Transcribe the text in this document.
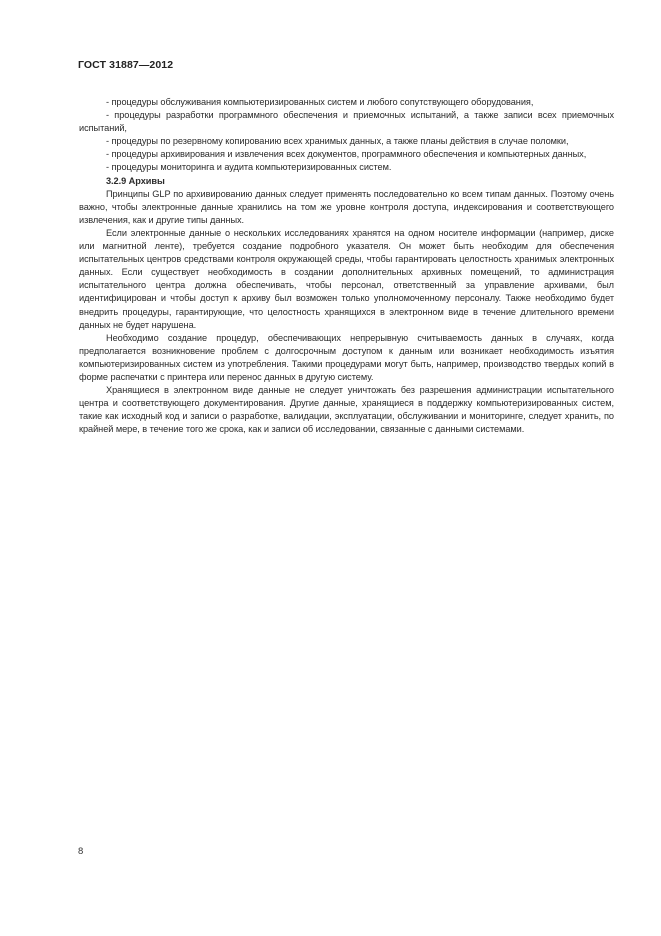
ГОСТ 31887—2012

- процедуры обслуживания компьютеризированных систем и любого сопутствующего оборудования,

- процедуры разработки программного обеспечения и приемочных испытаний, а также записи всех приемочных испытаний,

- процедуры по резервному копированию всех хранимых данных, а также планы действия в случае поломки,

- процедуры архивирования и извлечения всех документов, программного обеспечения и компьютерных данных,

- процедуры мониторинга и аудита компьютеризированных систем.

3.2.9 Архивы

Принципы GLP по архивированию данных следует применять последовательно ко всем типам данных. Поэтому очень важно, чтобы электронные данные хранились на том же уровне контроля доступа, индексирования и соответствующего извлечения, как и другие типы данных.

Если электронные данные о нескольких исследованиях хранятся на одном носителе информации (например, диске или магнитной ленте), требуется создание подробного указателя. Он может быть необходим для обеспечения испытательных центров средствами контроля окружающей среды, чтобы гарантировать целостность хранимых электронных данных. Если существует необходимость в создании дополнительных архивных помещений, то администрация испытательного центра должна обеспечивать, чтобы персонал, ответственный за управление архивами, был идентифицирован и чтобы доступ к архиву был возможен только уполномоченному персоналу. Также необходимо будет внедрить процедуры, гарантирующие, что целостность хранящихся в электронном виде в течение длительного времени данных не будет нарушена.

Необходимо создание процедур, обеспечивающих непрерывную считываемость данных в случаях, когда предполагается возникновение проблем с долгосрочным доступом к данным или возникает необходимость изъятия компьютеризированных систем из употребления. Такими процедурами могут быть, например, производство твердых копий в форме распечатки с принтера или перенос данных в другую систему.

Хранящиеся в электронном виде данные не следует уничтожать без разрешения администрации испытательного центра и соответствующего документирования. Другие данные, хранящиеся в поддержку компьютеризированных систем, такие как исходный код и записи о разработке, валидации, эксплуатации, обслуживании и мониторинге, следует хранить, по крайней мере, в течение того же срока, как и записи об исследовании, связанные с данными системами.

8
